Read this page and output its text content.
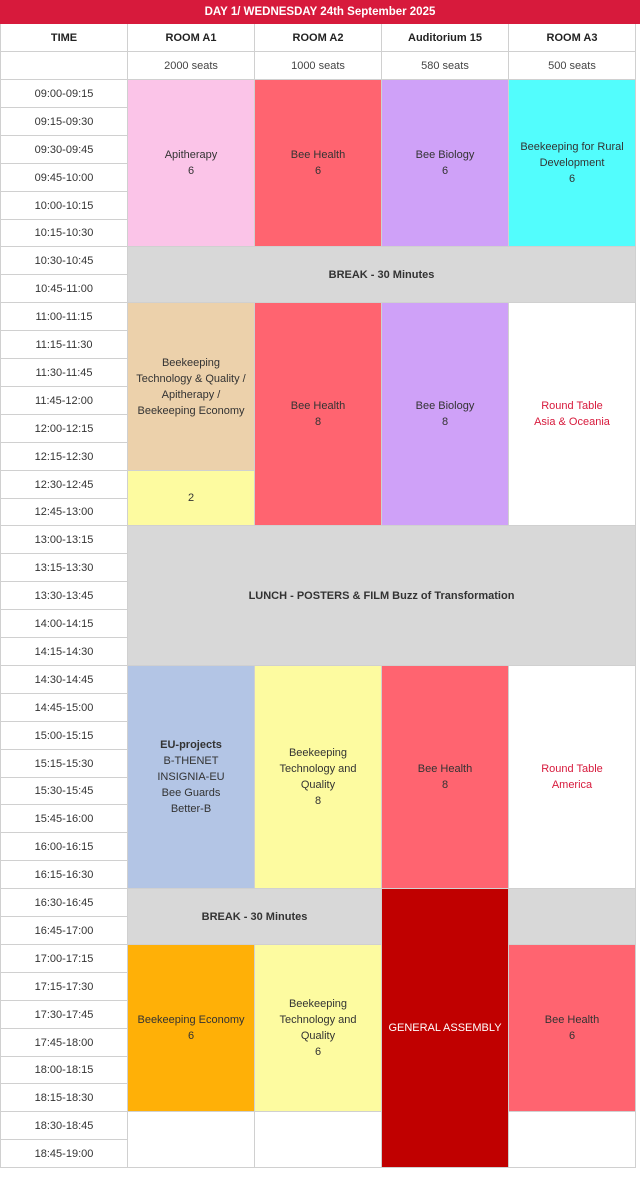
DAY 1/ WEDNESDAY 24th September 2025
TIME	ROOM A1
2000 seats
ROOM A2
1000 seats
Auditorium 15
580 seats
ROOM A3
500 seats
09:00-09:15
09:15-09:30
09:30-09:45
09:45-10:00
10:00-10:15
10:15-10:30
10:30-10:45
10:45-11:00
11:00-11:15
11:15-11:30
11:30-11:45
11:45-12:00
12:00-12:15
12:15-12:30
12:30-12:45
12:45-13:00
13:00-13:15
13:15-13:30
13:30-13:45
14:00-14:15
14:15-14:30
14:30-14:45
14:45-15:00
15:00-15:15
15:15-15:30
15:30-15:45
15:45-16:00
16:00-16:15
16:15-16:30
16:30-16:45
16:45-17:00
17:00-17:15
17:15-17:30
17:30-17:45
17:45-18:00
18:00-18:15
18:15-18:30
18:30-18:45
18:45-19:00
Apitherapy
6
Bee Health
6
Bee Biology
6
Beekeeping for Rural
Development
6
BREAK - 30 Minutes
Beekeeping
Technology & Quality /
Apitherapy /
Beekeeping Economy
2
Bee Health
8
Bee Biology
8
Round Table
Asia & Oceania
LUNCH - POSTERS & FILM Buzz of Transformation
EU-projects
B-THENET
INSIGNIA-EU
Bee Guards
Better-B
Beekeeping
Technology and
Quality
8
Bee Health
8
Round Table
America
BREAK - 30 Minutes
GENERAL ASSEMBLY
Beekeeping Economy
6
Beekeeping
Technology and
Quality
6
Bee Health
6
